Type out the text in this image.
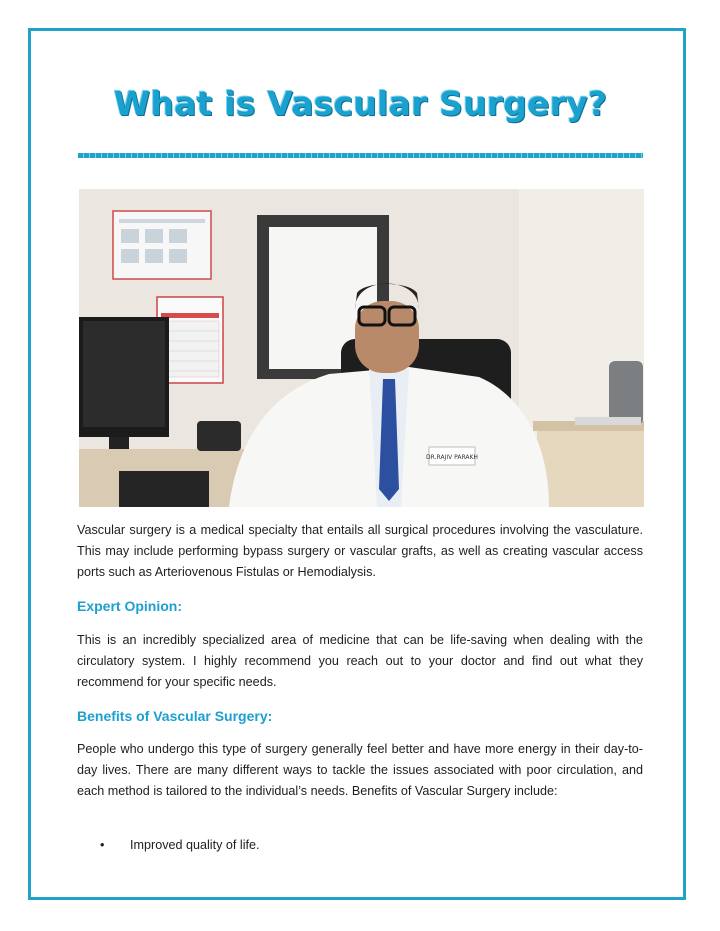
What is Vascular Surgery?
DR.RAJIV PARAKH

Vascular surgery is a medical specialty that entails all surgical procedures involving the vasculature. This may include performing bypass surgery or vascular grafts, as well as creating vascular access ports such as Arteriovenous Fistulas or Hemodialysis.

Expert Opinion:

This is an incredibly specialized area of medicine that can be life-saving when dealing with the circulatory system. I highly recommend you reach out to your doctor and find out what they recommend for your specific needs.

Benefits of Vascular Surgery:

People who undergo this type of surgery generally feel better and have more energy in their day-to-day lives. There are many different ways to tackle the issues associated with poor circulation, and each method is tailored to the individual’s needs. Benefits of Vascular Surgery include:

• Improved quality of life.
